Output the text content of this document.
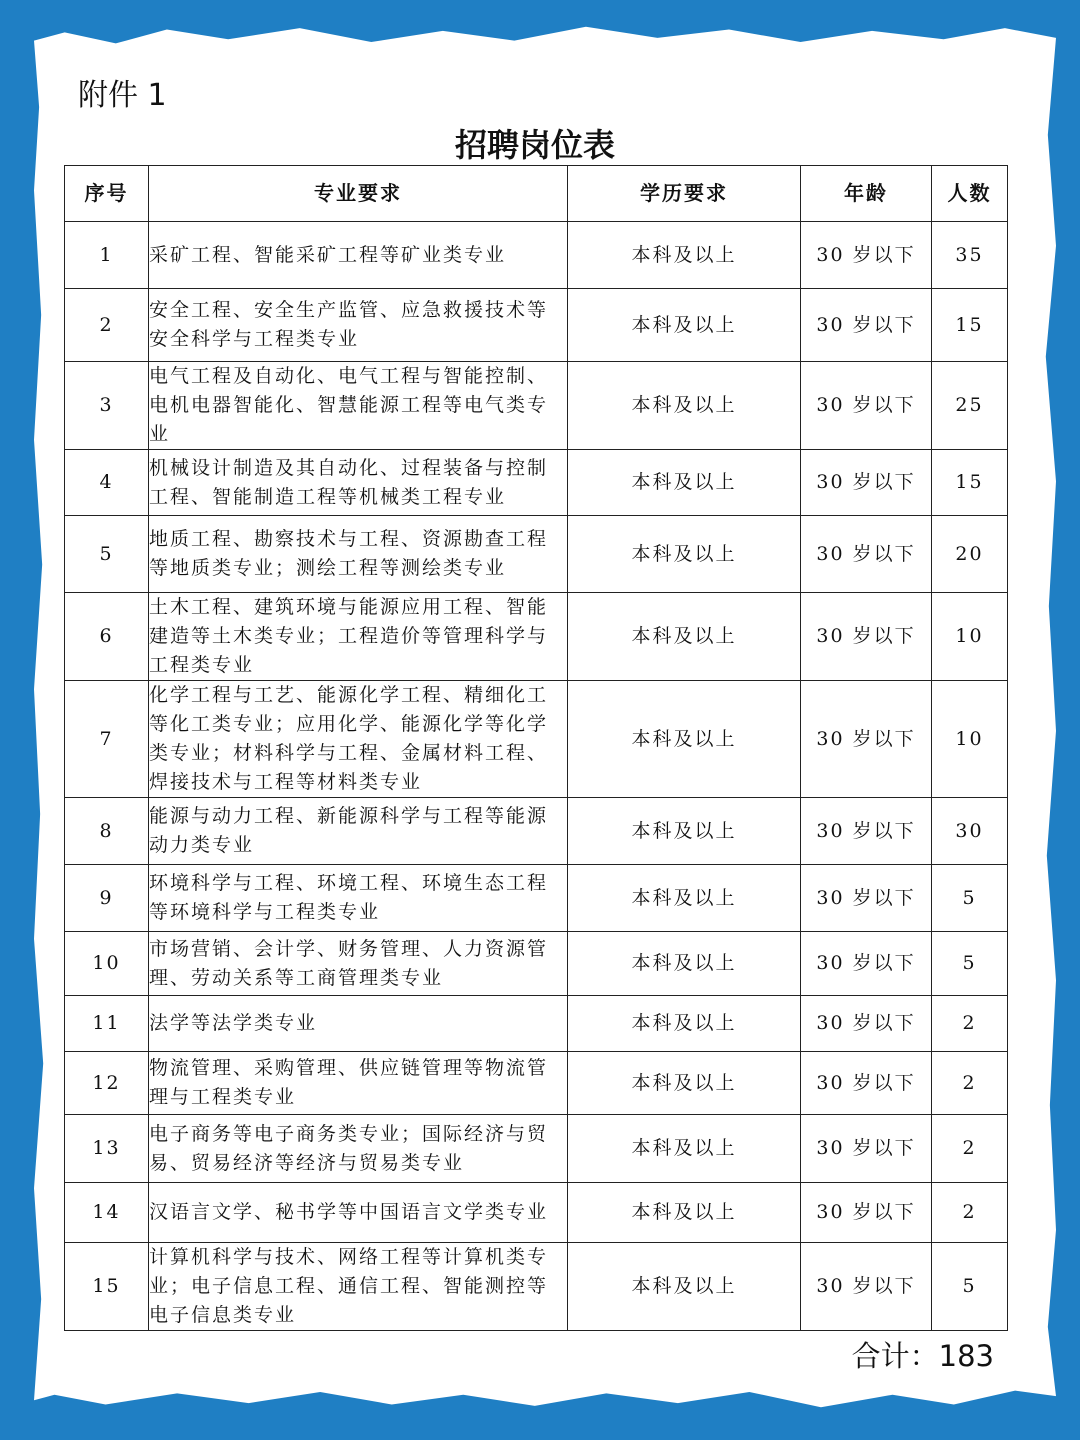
附件 1
招聘岗位表
序号	专业要求	学历要求	年龄	人数
1	采矿工程、智能采矿工程等矿业类专业	本科及以上	30 岁以下	35
2	安全工程、安全生产监管、应急救援技术等安全科学与工程类专业	本科及以上	30 岁以下	15
3	电气工程及自动化、电气工程与智能控制、电机电器智能化、智慧能源工程等电气类专业	本科及以上	30 岁以下	25
4	机械设计制造及其自动化、过程装备与控制工程、智能制造工程等机械类工程专业	本科及以上	30 岁以下	15
5	地质工程、勘察技术与工程、资源勘查工程等地质类专业；测绘工程等测绘类专业	本科及以上	30 岁以下	20
6	土木工程、建筑环境与能源应用工程、智能建造等土木类专业；工程造价等管理科学与工程类专业	本科及以上	30 岁以下	10
7	化学工程与工艺、能源化学工程、精细化工等化工类专业；应用化学、能源化学等化学类专业；材料科学与工程、金属材料工程、焊接技术与工程等材料类专业	本科及以上	30 岁以下	10
8	能源与动力工程、新能源科学与工程等能源动力类专业	本科及以上	30 岁以下	30
9	环境科学与工程、环境工程、环境生态工程等环境科学与工程类专业	本科及以上	30 岁以下	5
10	市场营销、会计学、财务管理、人力资源管理、劳动关系等工商管理类专业	本科及以上	30 岁以下	5
11	法学等法学类专业	本科及以上	30 岁以下	2
12	物流管理、采购管理、供应链管理等物流管理与工程类专业	本科及以上	30 岁以下	2
13	电子商务等电子商务类专业；国际经济与贸易、贸易经济等经济与贸易类专业	本科及以上	30 岁以下	2
14	汉语言文学、秘书学等中国语言文学类专业	本科及以上	30 岁以下	2
15	计算机科学与技术、网络工程等计算机类专业；电子信息工程、通信工程、智能测控等电子信息类专业	本科及以上	30 岁以下	5
合计：183
